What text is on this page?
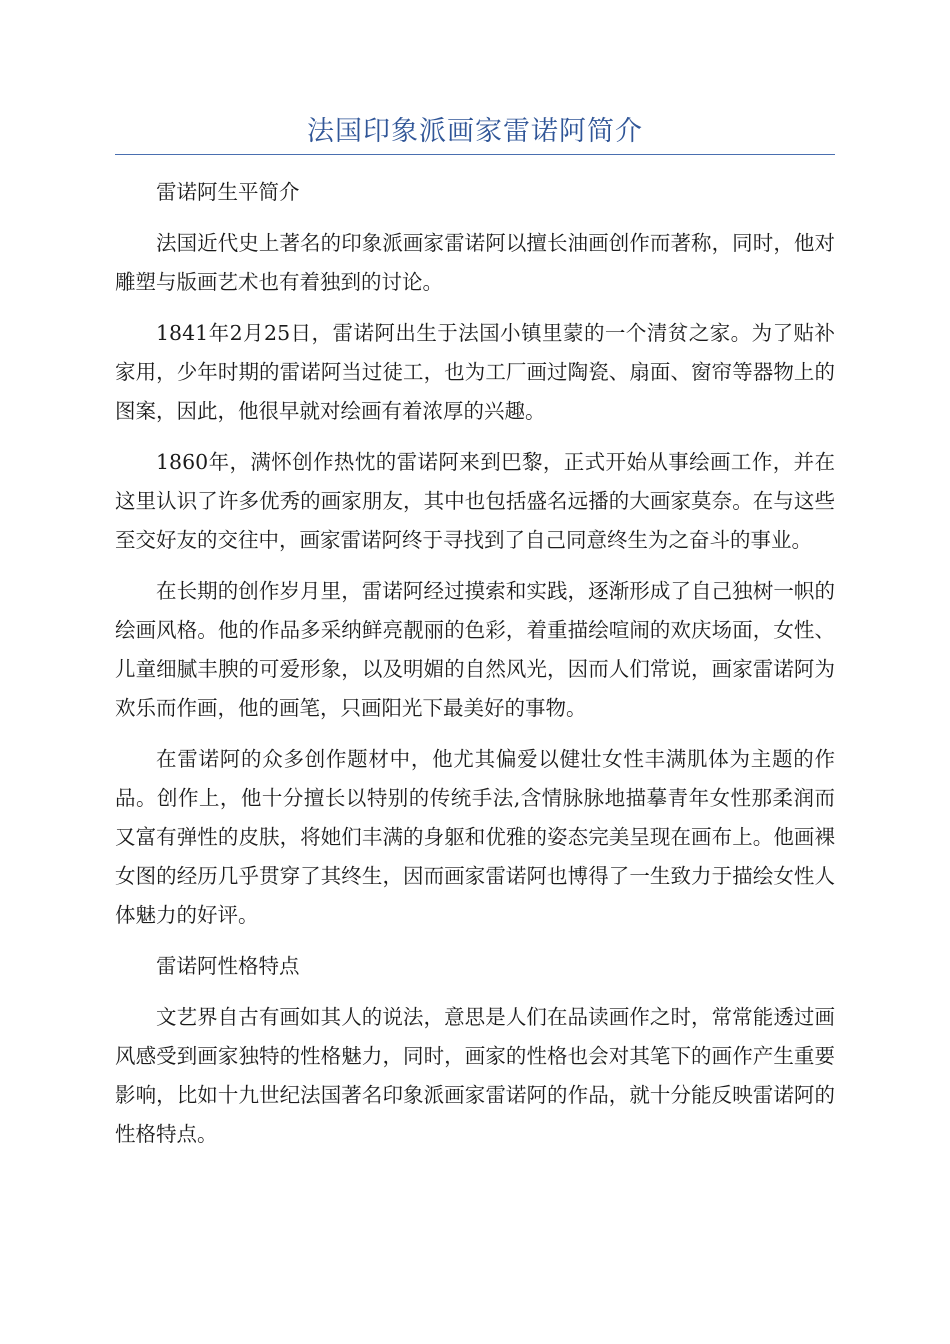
法国印象派画家雷诺阿简介

雷诺阿生平简介

法国近代史上著名的印象派画家雷诺阿以擅长油画创作而著称，同时，他对雕塑与版画艺术也有着独到的讨论。

1841年2月25日，雷诺阿出生于法国小镇里蒙的一个清贫之家。为了贴补家用，少年时期的雷诺阿当过徒工，也为工厂画过陶瓷、扇面、窗帘等器物上的图案，因此，他很早就对绘画有着浓厚的兴趣。

1860年，满怀创作热忱的雷诺阿来到巴黎，正式开始从事绘画工作，并在这里认识了许多优秀的画家朋友，其中也包括盛名远播的大画家莫奈。在与这些至交好友的交往中，画家雷诺阿终于寻找到了自己同意终生为之奋斗的事业。

在长期的创作岁月里，雷诺阿经过摸索和实践，逐渐形成了自己独树一帜的绘画风格。他的作品多采纳鲜亮靓丽的色彩，着重描绘喧闹的欢庆场面，女性、儿童细腻丰腴的可爱形象，以及明媚的自然风光，因而人们常说，画家雷诺阿为欢乐而作画，他的画笔，只画阳光下最美好的事物。

在雷诺阿的众多创作题材中，他尤其偏爱以健壮女性丰满肌体为主题的作品。创作上，他十分擅长以特别的传统手法,含情脉脉地描摹青年女性那柔润而又富有弹性的皮肤，将她们丰满的身躯和优雅的姿态完美呈现在画布上。他画裸女图的经历几乎贯穿了其终生，因而画家雷诺阿也博得了一生致力于描绘女性人体魅力的好评。

雷诺阿性格特点

文艺界自古有画如其人的说法，意思是人们在品读画作之时，常常能透过画风感受到画家独特的性格魅力，同时，画家的性格也会对其笔下的画作产生重要影响，比如十九世纪法国著名印象派画家雷诺阿的作品，就十分能反映雷诺阿的性格特点。
